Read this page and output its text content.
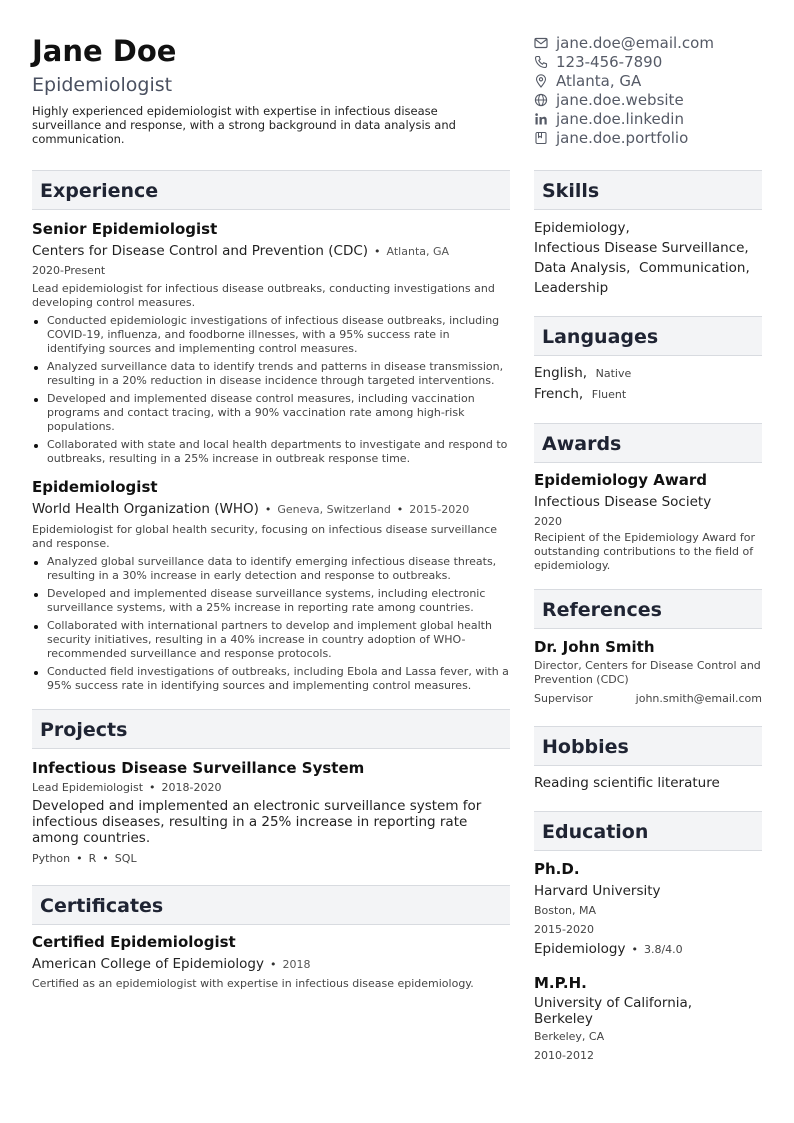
Jane Doe
Epidemiologist
Highly experienced epidemiologist with expertise in infectious disease surveillance and response, with a strong background in data analysis and communication.
jane.doe@email.com
123-456-7890
Atlanta, GA
jane.doe.website
jane.doe.linkedin
jane.doe.portfolio
Experience
Senior Epidemiologist
Centers for Disease Control and Prevention (CDC) • Atlanta, GA
2020-Present
Lead epidemiologist for infectious disease outbreaks, conducting investigations and developing control measures.
Conducted epidemiologic investigations of infectious disease outbreaks, including COVID-19, influenza, and foodborne illnesses, with a 95% success rate in identifying sources and implementing control measures.
Analyzed surveillance data to identify trends and patterns in disease transmission, resulting in a 20% reduction in disease incidence through targeted interventions.
Developed and implemented disease control measures, including vaccination programs and contact tracing, with a 90% vaccination rate among high-risk populations.
Collaborated with state and local health departments to investigate and respond to outbreaks, resulting in a 25% increase in outbreak response time.
Epidemiologist
World Health Organization (WHO) • Geneva, Switzerland • 2015-2020
Epidemiologist for global health security, focusing on infectious disease surveillance and response.
Analyzed global surveillance data to identify emerging infectious disease threats, resulting in a 30% increase in early detection and response to outbreaks.
Developed and implemented disease surveillance systems, including electronic surveillance systems, with a 25% increase in reporting rate among countries.
Collaborated with international partners to develop and implement global health security initiatives, resulting in a 40% increase in country adoption of WHO-recommended surveillance and response protocols.
Conducted field investigations of outbreaks, including Ebola and Lassa fever, with a 95% success rate in identifying sources and implementing control measures.
Projects
Infectious Disease Surveillance System
Lead Epidemiologist • 2018-2020
Developed and implemented an electronic surveillance system for infectious diseases, resulting in a 25% increase in reporting rate among countries.
Python • R • SQL
Certificates
Certified Epidemiologist
American College of Epidemiology • 2018
Certified as an epidemiologist with expertise in infectious disease epidemiology.
Skills
Epidemiology,
Infectious Disease Surveillance,
Data Analysis, Communication,
Leadership
Languages
English, Native
French, Fluent
Awards
Epidemiology Award
Infectious Disease Society
2020
Recipient of the Epidemiology Award for outstanding contributions to the field of epidemiology.
References
Dr. John Smith
Director, Centers for Disease Control and Prevention (CDC)
Supervisor	john.smith@email.com
Hobbies
Reading scientific literature
Education
Ph.D.
Harvard University
Boston, MA
2015-2020
Epidemiology • 3.8/4.0
M.P.H.
University of California, Berkeley
Berkeley, CA
2010-2012
